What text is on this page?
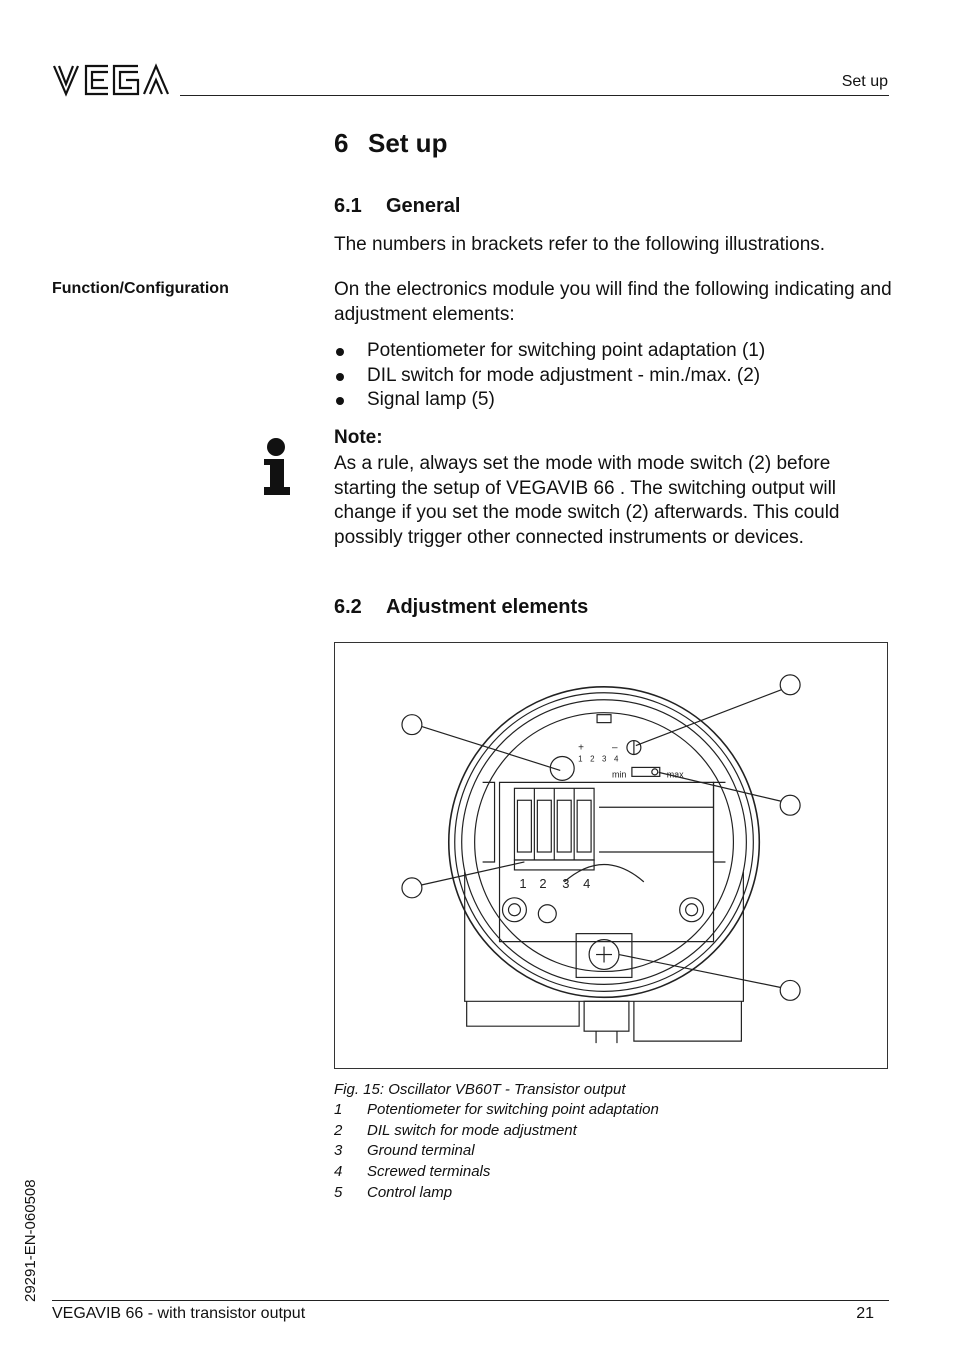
Set up
6 Set up
6.1 General

The numbers in brackets refer to the following illustrations.

Function/Configuration	On the electronics module you will find the following indicating and adjustment elements:

Potentiometer for switching point adaptation (1)
DIL switch for mode adjustment - min./max. (2)
Signal lamp (5)
Note:

As a rule, always set the mode with mode switch (2) before starting the setup of VEGAVIB 66 . The switching output will change if you set the mode switch (2) afterwards. This could possibly trigger other connected instruments or devices.

6.2 Adjustment elements
+	–
1 2 3 4
min	max
1 2 3 4
Fig. 15: Oscillator VB60T - Transistor output
1 Potentiometer for switching point adaptation
2 DIL switch for mode adjustment
3 Ground terminal
4 Screwed terminals
5 Control lamp
29291-EN-060508
VEGAVIB 66 - with transistor output	21
